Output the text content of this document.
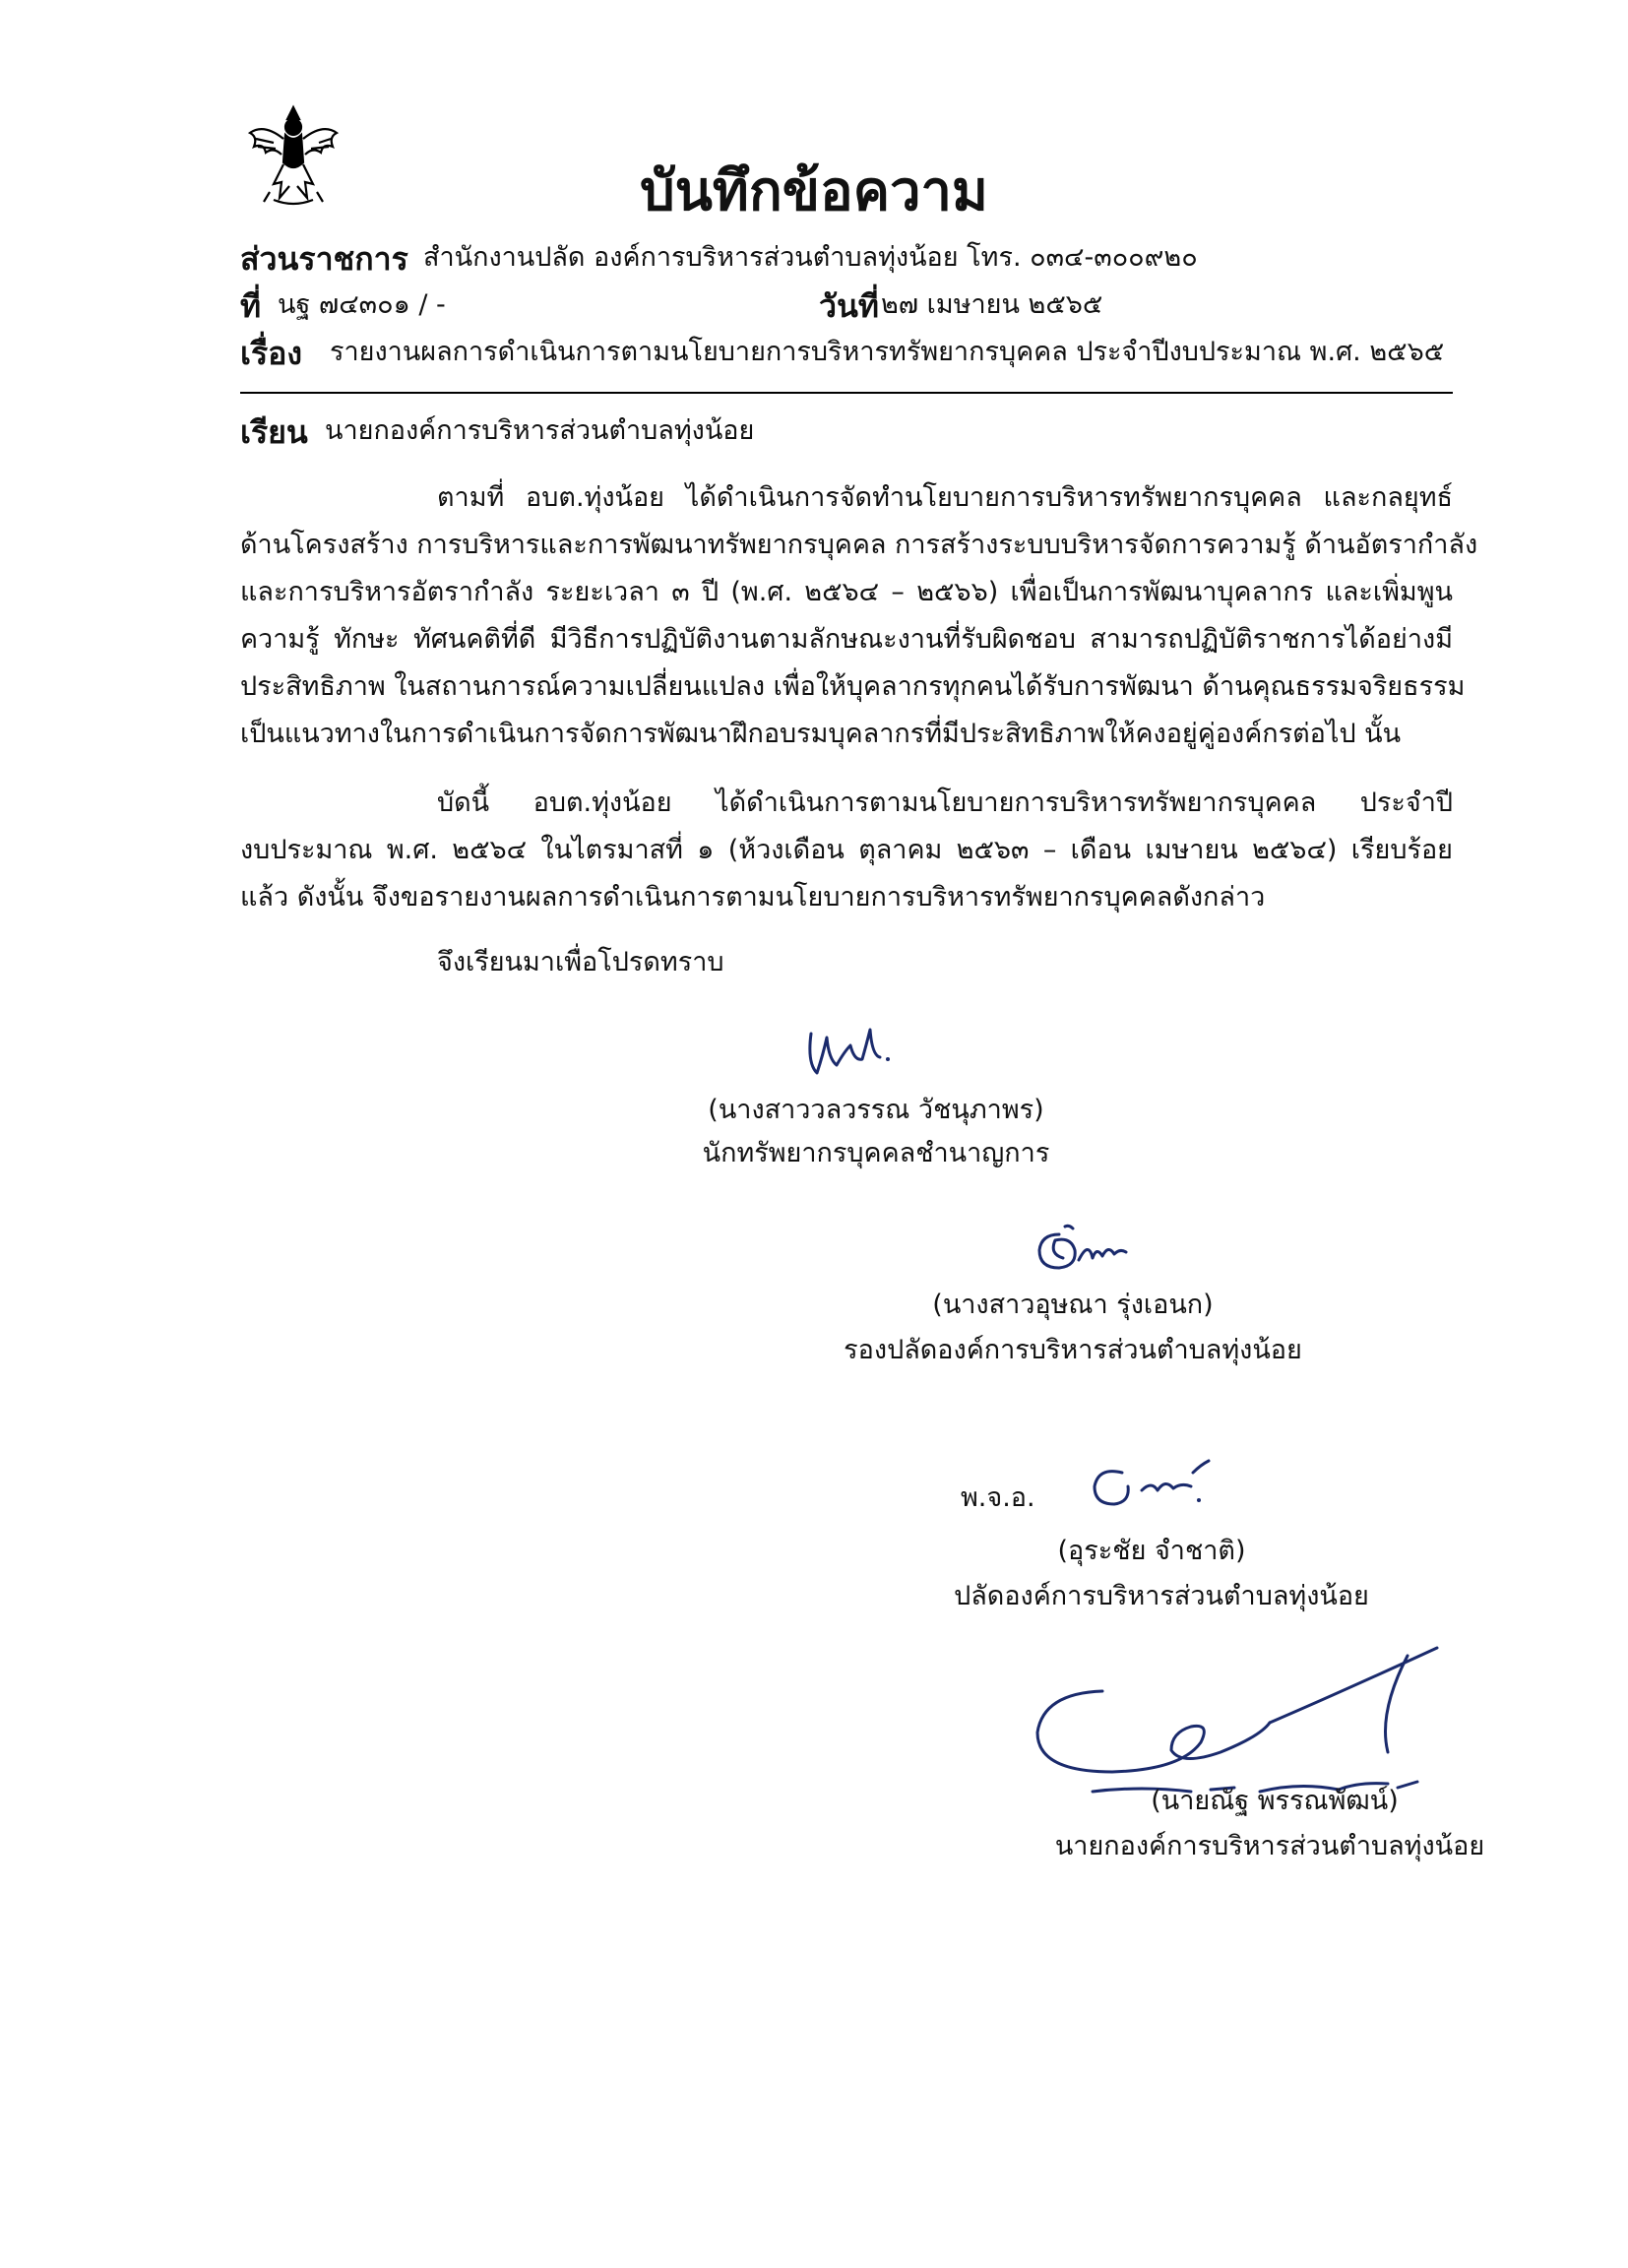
บันทึกข้อความ
ส่วนราชการ สำนักงานปลัด องค์การบริหารส่วนตำบลทุ่งน้อย โทร. ๐๓๔-๓๐๐๙๒๐
ที่ นฐ ๗๔๓๐๑ / -	วันที่ ๒๗ เมษายน ๒๕๖๕
เรื่อง รายงานผลการดำเนินการตามนโยบายการบริหารทรัพยากรบุคคล ประจำปีงบประมาณ พ.ศ. ๒๕๖๕
เรียน นายกองค์การบริหารส่วนตำบลทุ่งน้อย

ตามที่ อบต.ทุ่งน้อย ได้ดำเนินการจัดทำนโยบายการบริหารทรัพยากรบุคคล และกลยุทธ์

ด้านโครงสร้าง การบริหารและการพัฒนาทรัพยากรบุคคล การสร้างระบบบริหารจัดการความรู้ ด้านอัตรากำลัง

และการบริหารอัตรากำลัง ระยะเวลา ๓ ปี (พ.ศ. ๒๕๖๔ – ๒๕๖๖) เพื่อเป็นการพัฒนาบุคลากร และเพิ่มพูน

ความรู้ ทักษะ ทัศนคติที่ดี มีวิธีการปฏิบัติงานตามลักษณะงานที่รับผิดชอบ สามารถปฏิบัติราชการได้อย่างมี

ประสิทธิภาพ ในสถานการณ์ความเปลี่ยนแปลง เพื่อให้บุคลากรทุกคนได้รับการพัฒนา ด้านคุณธรรมจริยธรรม

เป็นแนวทางในการดำเนินการจัดการพัฒนาฝึกอบรมบุคลากรที่มีประสิทธิภาพให้คงอยู่คู่องค์กรต่อไป นั้น

บัดนี้ อบต.ทุ่งน้อย ได้ดำเนินการตามนโยบายการบริหารทรัพยากรบุคคล ประจำปี

งบประมาณ พ.ศ. ๒๕๖๔ ในไตรมาสที่ ๑ (ห้วงเดือน ตุลาคม ๒๕๖๓ – เดือน เมษายน ๒๕๖๔) เรียบร้อย

แล้ว ดังนั้น จึงขอรายงานผลการดำเนินการตามนโยบายการบริหารทรัพยากรบุคคลดังกล่าว

จึงเรียนมาเพื่อโปรดทราบ
(นางสาววลวรรณ วัชนุภาพร)
นักทรัพยากรบุคคลชำนาญการ
(นางสาวอุษณา รุ่งเอนก)
รองปลัดองค์การบริหารส่วนตำบลทุ่งน้อย
พ.จ.อ.
(อุระชัย จำชาติ)
ปลัดองค์การบริหารส่วนตำบลทุ่งน้อย
(นายณัฐ พรรณพัฒน์)
นายกองค์การบริหารส่วนตำบลทุ่งน้อย
